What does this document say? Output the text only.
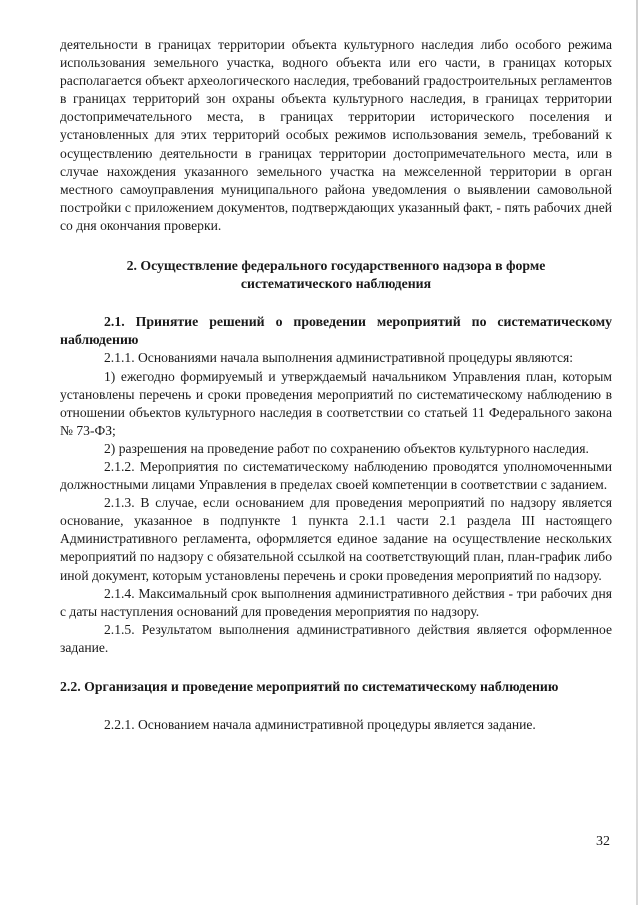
деятельности в границах территории объекта культурного наследия либо особого режима использования земельного участка, водного объекта или его части, в границах которых располагается объект археологического наследия, требований градостроительных регламентов в границах территорий зон охраны объекта культурного наследия, в границах территории достопримечательного места, в границах территории исторического поселения и установленных для этих территорий особых режимов использования земель, требований к осуществлению деятельности в границах территории достопримечательного места, или в случае нахождения указанного земельного участка на межселенной территории в орган местного самоуправления муниципального района уведомления о выявлении самовольной постройки с приложением документов, подтверждающих указанный факт, - пять рабочих дней со дня окончания проверки.

2. Осуществление федерального государственного надзора в форме
систематического наблюдения
2.1. Принятие решений о проведении мероприятий по систематическому наблюдению

2.1.1. Основаниями начала выполнения административной процедуры являются:

1) ежегодно формируемый и утверждаемый начальником Управления план, которым установлены перечень и сроки проведения мероприятий по систематическому наблюдению в отношении объектов культурного наследия в соответствии со статьей 11 Федерального закона № 73-ФЗ;

2) разрешения на проведение работ по сохранению объектов культурного наследия.

2.1.2. Мероприятия по систематическому наблюдению проводятся уполномоченными должностными лицами Управления в пределах своей компетенции в соответствии с заданием.

2.1.3. В случае, если основанием для проведения мероприятий по надзору является основание, указанное в подпункте 1 пункта 2.1.1 части 2.1 раздела III настоящего Административного регламента, оформляется единое задание на осуществление нескольких мероприятий по надзору с обязательной ссылкой на соответствующий план, план-график либо иной документ, которым установлены перечень и сроки проведения мероприятий по надзору.

2.1.4. Максимальный срок выполнения административного действия - три рабочих дня с даты наступления оснований для проведения мероприятия по надзору.

2.1.5. Результатом выполнения административного действия является оформленное задание.

2.2. Организация и проведение мероприятий по систематическому наблюдению

2.2.1. Основанием начала административной процедуры является задание.

32
